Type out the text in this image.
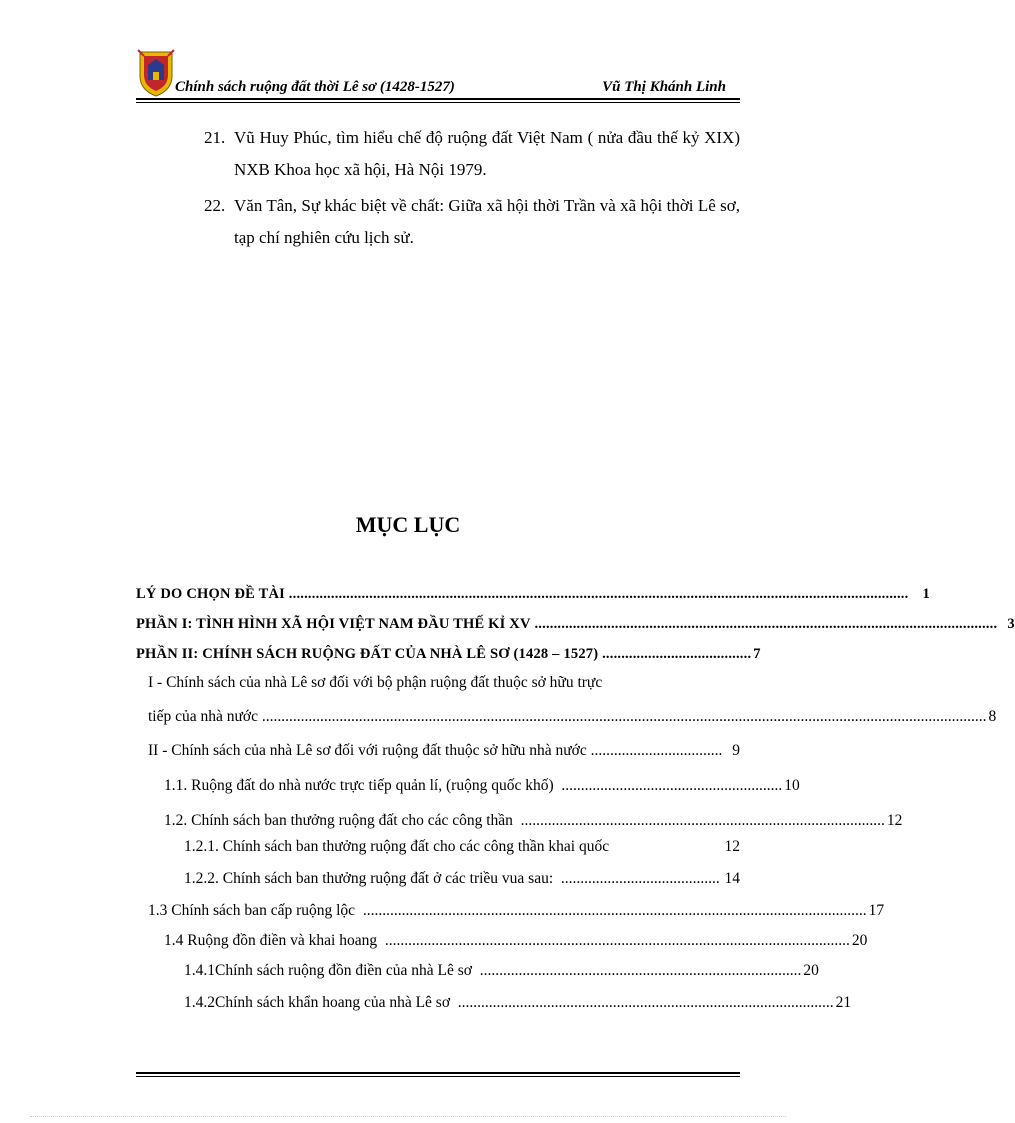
Chính sách ruộng đất thời Lê sơ (1428-1527)	Vũ Thị Khánh Linh
21. Vũ Huy Phúc, tìm hiểu chế độ ruộng đất Việt Nam ( nửa đầu thế kỷ XIX) NXB Khoa học xã hội, Hà Nội 1979.
22. Văn Tân, Sự khác biệt về chất: Giữa xã hội thời Trần và xã hội thời Lê sơ, tạp chí nghiên cứu lịch sử.
MỤC LỤC
LÝ DO CHỌN ĐỀ TÀI .................................................................................................................................................................. 1
PHẦN I: TÌNH HÌNH XÃ HỘI VIỆT NAM ĐẦU THẾ KỈ XV ......................................................................................................................... 3
PHẦN II: CHÍNH SÁCH RUỘNG ĐẤT CỦA NHÀ LÊ SƠ (1428 – 1527) ....................................... 7
I - Chính sách của nhà Lê sơ đối với bộ phận ruộng đất thuộc sở hữu trực
tiếp của nhà nước ........................................................................................................................................................................................... 8
II - Chính sách của nhà Lê sơ đối với ruộng đất thuộc sở hữu nhà nước .................................. 9
1.1. Ruộng đất do nhà nước trực tiếp quản lí, (ruộng quốc khố) ......................................................... 10
1.2. Chính sách ban thưởng ruộng đất cho các công thần .............................................................................................. 12
1.2.1. Chính sách ban thưởng ruộng đất cho các công thần khai quốc
	12
1.2.2. Chính sách ban thưởng ruộng đất ở các triều vua sau: ......................................... 14
1.3 Chính sách ban cấp ruộng lộc .................................................................................................................................. 17
1.4 Ruộng đồn điền và khai hoang ........................................................................................................................ 20
1.4.1Chính sách ruộng đồn điền của nhà Lê sơ ................................................................................... 20
1.4.2Chính sách khẩn hoang của nhà Lê sơ ................................................................................................. 21
